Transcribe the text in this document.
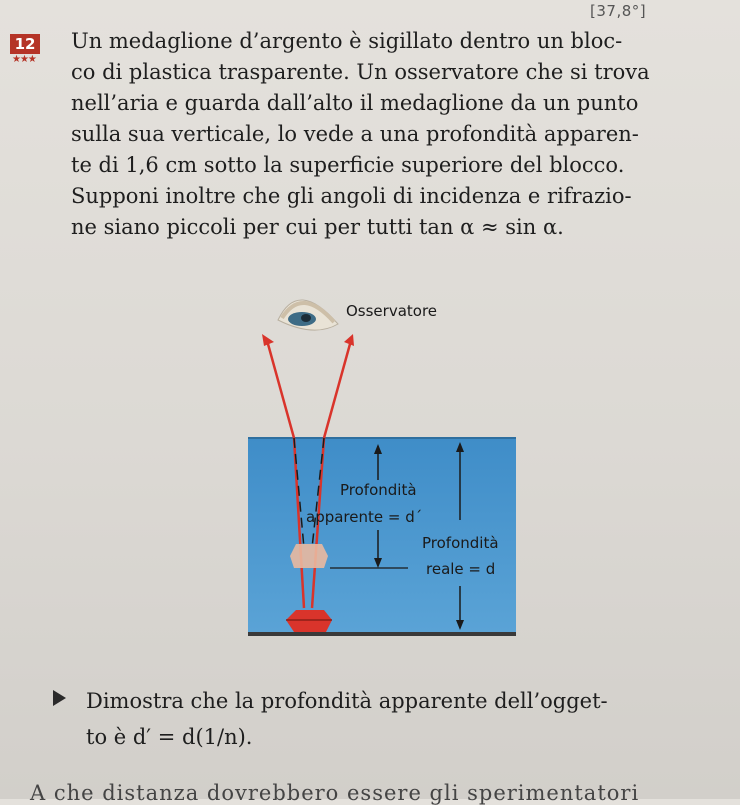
[37,8°]
12
★★★
Un medaglione d’argento è sigillato dentro un bloc-
co di plastica trasparente. Un osservatore che si trova
nell’aria e guarda dall’alto il medaglione da un punto
sulla sua verticale, lo vede a una profondità apparen-
te di 1,6 cm sotto la superficie superiore del blocco.
Supponi inoltre che gli angoli di incidenza e rifrazio-
ne siano piccoli per cui per tutti tan α ≈ sin α.
Osservatore
Profondità
apparente = d´
Profondità
reale = d
Dimostra che la profondità apparente dell’ogget-
to è d′ = d(1/n).
A che distanza dovrebbero essere gli sperimentatori
